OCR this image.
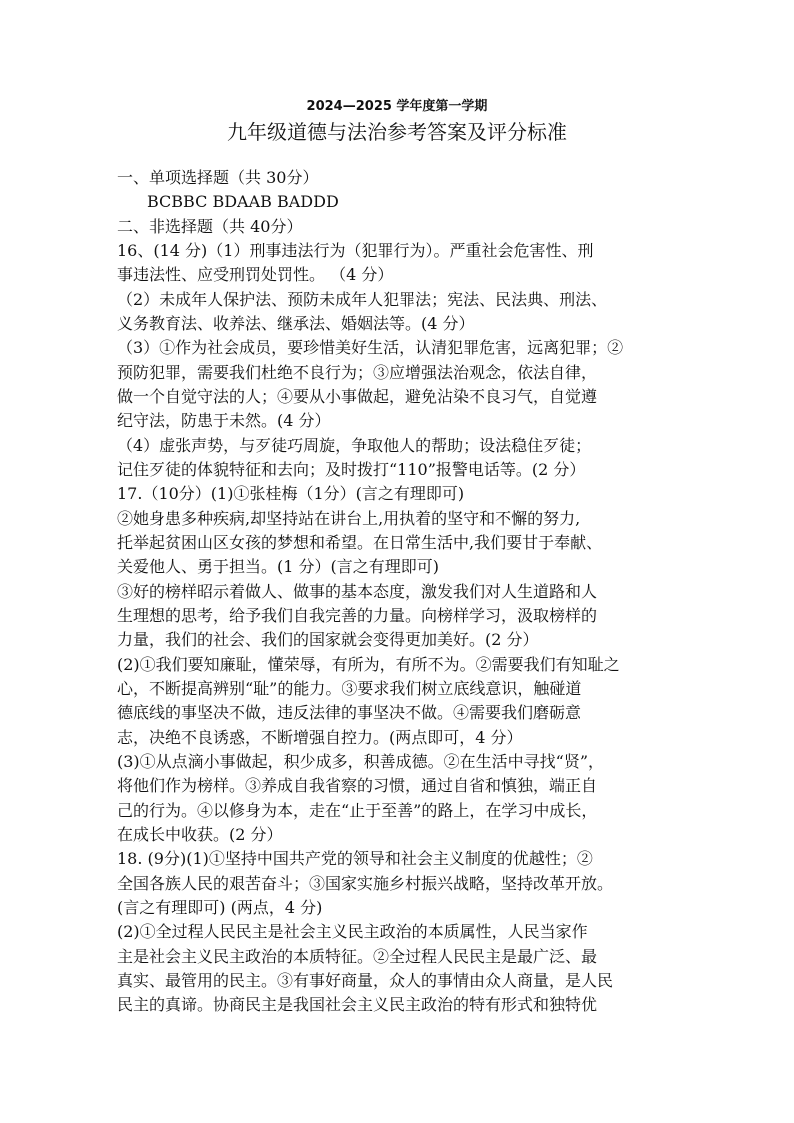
2024—2025 学年度第一学期
九年级道德与法治参考答案及评分标准
一、单项选择题（共 30分）
BCBBC BDAAB BADDD
二、非选择题（共 40分）
16、(14 分)（1）刑事违法行为（犯罪行为）。严重社会危害性、刑
事违法性、应受刑罚处罚性。 （4 分）
（2）未成年人保护法、预防未成年人犯罪法；宪法、民法典、刑法、
义务教育法、收养法、继承法、婚姻法等。(4 分）
（3）①作为社会成员，要珍惜美好生活，认清犯罪危害，远离犯罪；②
预防犯罪，需要我们杜绝不良行为；③应增强法治观念，依法自律，
做一个自觉守法的人；④要从小事做起，避免沾染不良习气，自觉遵
纪守法，防患于未然。(4 分）
（4）虚张声势，与歹徒巧周旋，争取他人的帮助；设法稳住歹徒；
记住歹徒的体貌特征和去向；及时拨打“110”报警电话等。(2 分）
17.（10分）(1)①张桂梅（1分）(言之有理即可)
②她身患多种疾病,却坚持站在讲台上,用执着的坚守和不懈的努力,
托举起贫困山区女孩的梦想和希望。在日常生活中,我们要甘于奉献、
关爱他人、勇于担当。(1 分）(言之有理即可)
③好的榜样昭示着做人、做事的基本态度，激发我们对人生道路和人
生理想的思考，给予我们自我完善的力量。向榜样学习，汲取榜样的
力量，我们的社会、我们的国家就会变得更加美好。(2 分）
(2)①我们要知廉耻，懂荣辱，有所为，有所不为。②需要我们有知耻之
心，不断提高辨别“耻”的能力。③要求我们树立底线意识，触碰道
德底线的事坚决不做，违反法律的事坚决不做。④需要我们磨砺意
志，决绝不良诱惑，不断增强自控力。(两点即可，4 分）
(3)①从点滴小事做起，积少成多，积善成德。②在生活中寻找“贤”，
将他们作为榜样。③养成自我省察的习惯，通过自省和慎独，端正自
己的行为。④以修身为本，走在“止于至善”的路上，在学习中成长，
在成长中收获。(2 分）
18. (9分)(1)①坚持中国共产党的领导和社会主义制度的优越性；②
全国各族人民的艰苦奋斗；③国家实施乡村振兴战略，坚持改革开放。
(言之有理即可) (两点，4 分)
(2)①全过程人民民主是社会主义民主政治的本质属性，人民当家作
主是社会主义民主政治的本质特征。②全过程人民民主是最广泛、最
真实、最管用的民主。③有事好商量，众人的事情由众人商量，是人民
民主的真谛。协商民主是我国社会主义民主政治的特有形式和独特优
